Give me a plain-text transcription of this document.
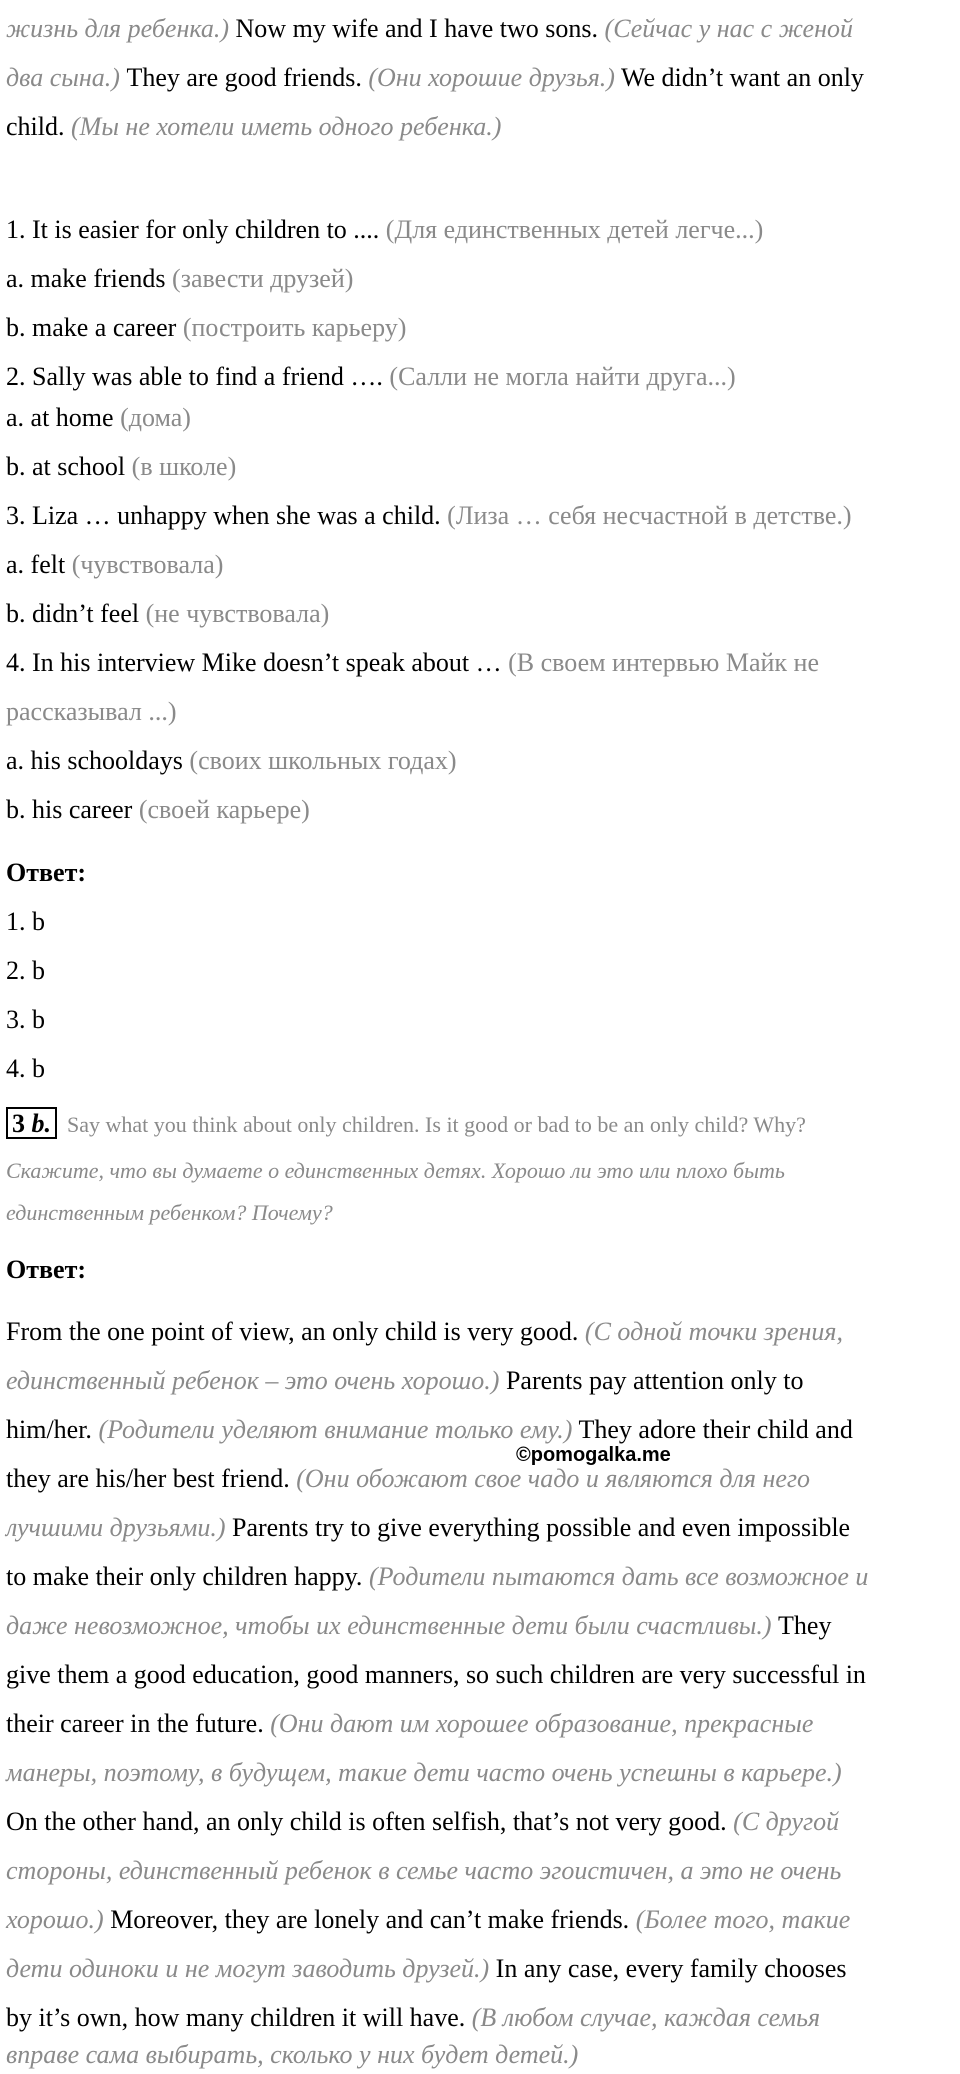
жизнь для ребенка.) Now my wife and I have two sons. (Сейчас у нас с женой
два сына.) They are good friends. (Они хорошие друзья.) We didn’t want an only
child. (Мы не хотели иметь одного ребенка.)
1. It is easier for only children to .... (Для единственных детей легче...)
a. make friends (завести друзей)
b. make a career (построить карьеру)
2. Sally was able to find a friend …. (Салли не могла найти друга...)
a. at home (дома)
b. at school (в школе)
3. Liza … unhappy when she was a child. (Лиза … себя несчастной в детстве.)
a. felt (чувствовала)
b. didn’t feel (не чувствовала)
4. In his interview Mike doesn’t speak about … (В своем интервью Майк не
рассказывал ...)
a. his schooldays (своих школьных годах)
b. his career (своей карьере)
Ответ:
1. b
2. b
3. b
4. b
3 b. Say what you think about only children. Is it good or bad to be an only child? Why?
Скажите, что вы думаете о единственных детях. Хорошо ли это или плохо быть
единственным ребенком? Почему?
Ответ:
From the one point of view, an only child is very good. (С одной точки зрения,
единственный ребенок – это очень хорошо.) Parents pay attention only to
him/her. (Родители уделяют внимание только ему.) They adore their child and
they are his/her best friend. (Они обожают свое чадо и являются для него
лучшими друзьями.) Parents try to give everything possible and even impossible
to make their only children happy. (Родители пытаются дать все возможное и
даже невозможное, чтобы их единственные дети были счастливы.) They
give them a good education, good manners, so such children are very successful in
their career in the future. (Они дают им хорошее образование, прекрасные
манеры, поэтому, в будущем, такие дети часто очень успешны в карьере.)
On the other hand, an only child is often selfish, that’s not very good. (С другой
стороны, единственный ребенок в семье часто эгоистичен, а это не очень
хорошо.) Moreover, they are lonely and can’t make friends. (Более того, такие
дети одиноки и не могут заводить друзей.) In any case, every family chooses
by it’s own, how many children it will have. (В любом случае, каждая семья
вправе сама выбирать, сколько у них будет детей.)
©pomogalka.me
